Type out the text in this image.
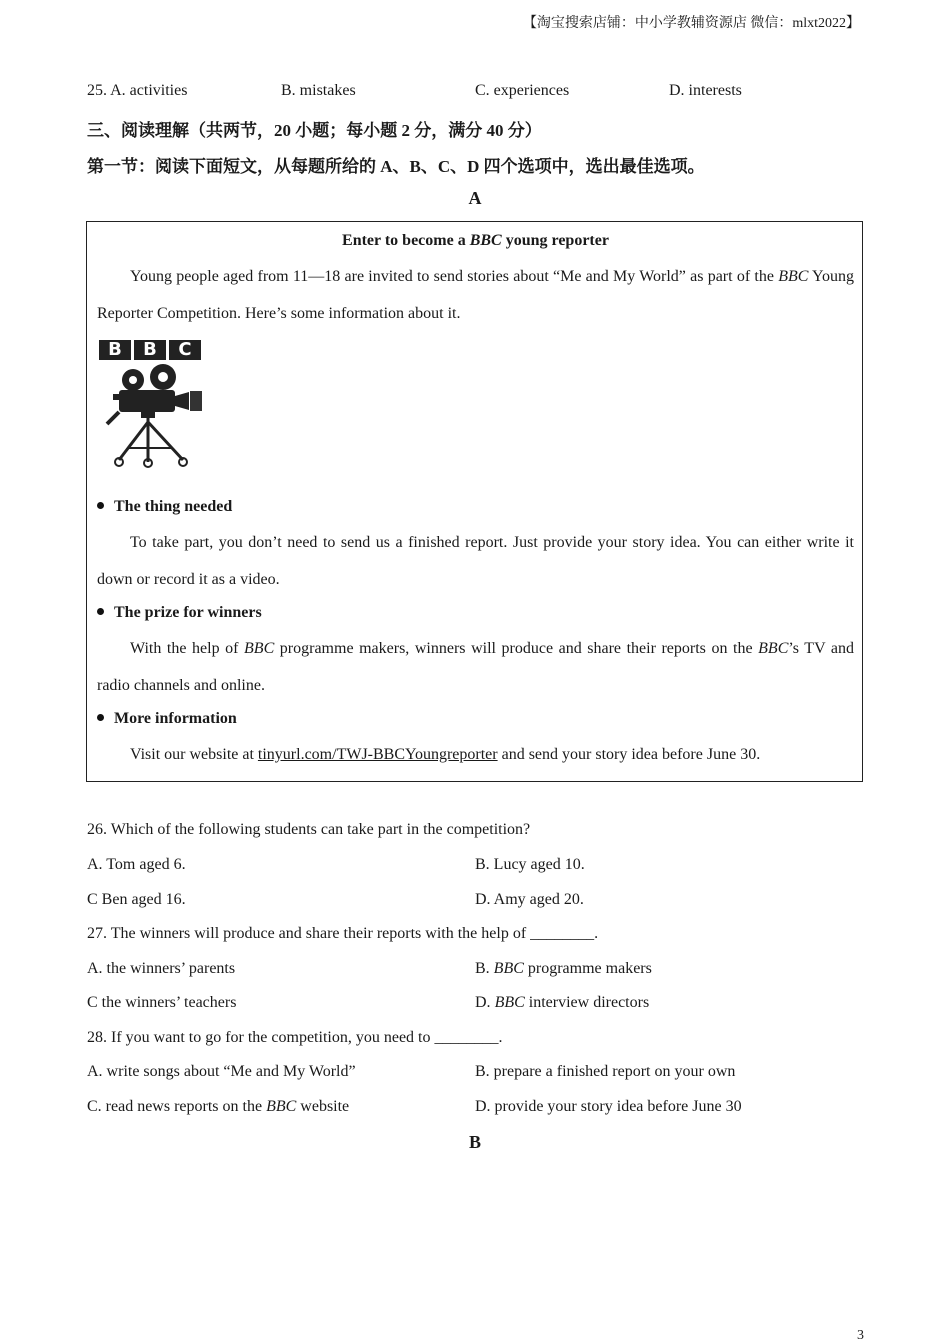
【淘宝搜索店铺：中小学教辅资源店 微信：mlxt2022】
25. A. activities	B. mistakes	C. experiences	D. interests
三、阅读理解（共两节，20 小题；每小题 2 分，满分 40 分）
第一节：阅读下面短文，从每题所给的 A、B、C、D 四个选项中，选出最佳选项。
A
Enter to become a BBC young reporter
Young people aged from 11—18 are invited to send stories about “Me and My World” as part of the BBC Young Reporter Competition. Here’s some information about it.
B	B	C
The thing needed
To take part, you don’t need to send us a finished report. Just provide your story idea. You can either write it down or record it as a video.
The prize for winners
With the help of BBC programme makers, winners will produce and share their reports on the BBC’s TV and radio channels and online.
More information
Visit our website at tinyurl.com/TWJ-BBCYoungreporter and send your story idea before June 30.
26. Which of the following students can take part in the competition?
A. Tom aged 6.	B. Lucy aged 10.
C Ben aged 16.	D. Amy aged 20.
27. The winners will produce and share their reports with the help of ________.
A. the winners’ parents	B. BBC programme makers
C the winners’ teachers	D. BBC interview directors
28. If you want to go for the competition, you need to ________.
A. write songs about “Me and My World”	B. prepare a finished report on your own
C. read news reports on the BBC website	D. provide your story idea before June 30
B
3
